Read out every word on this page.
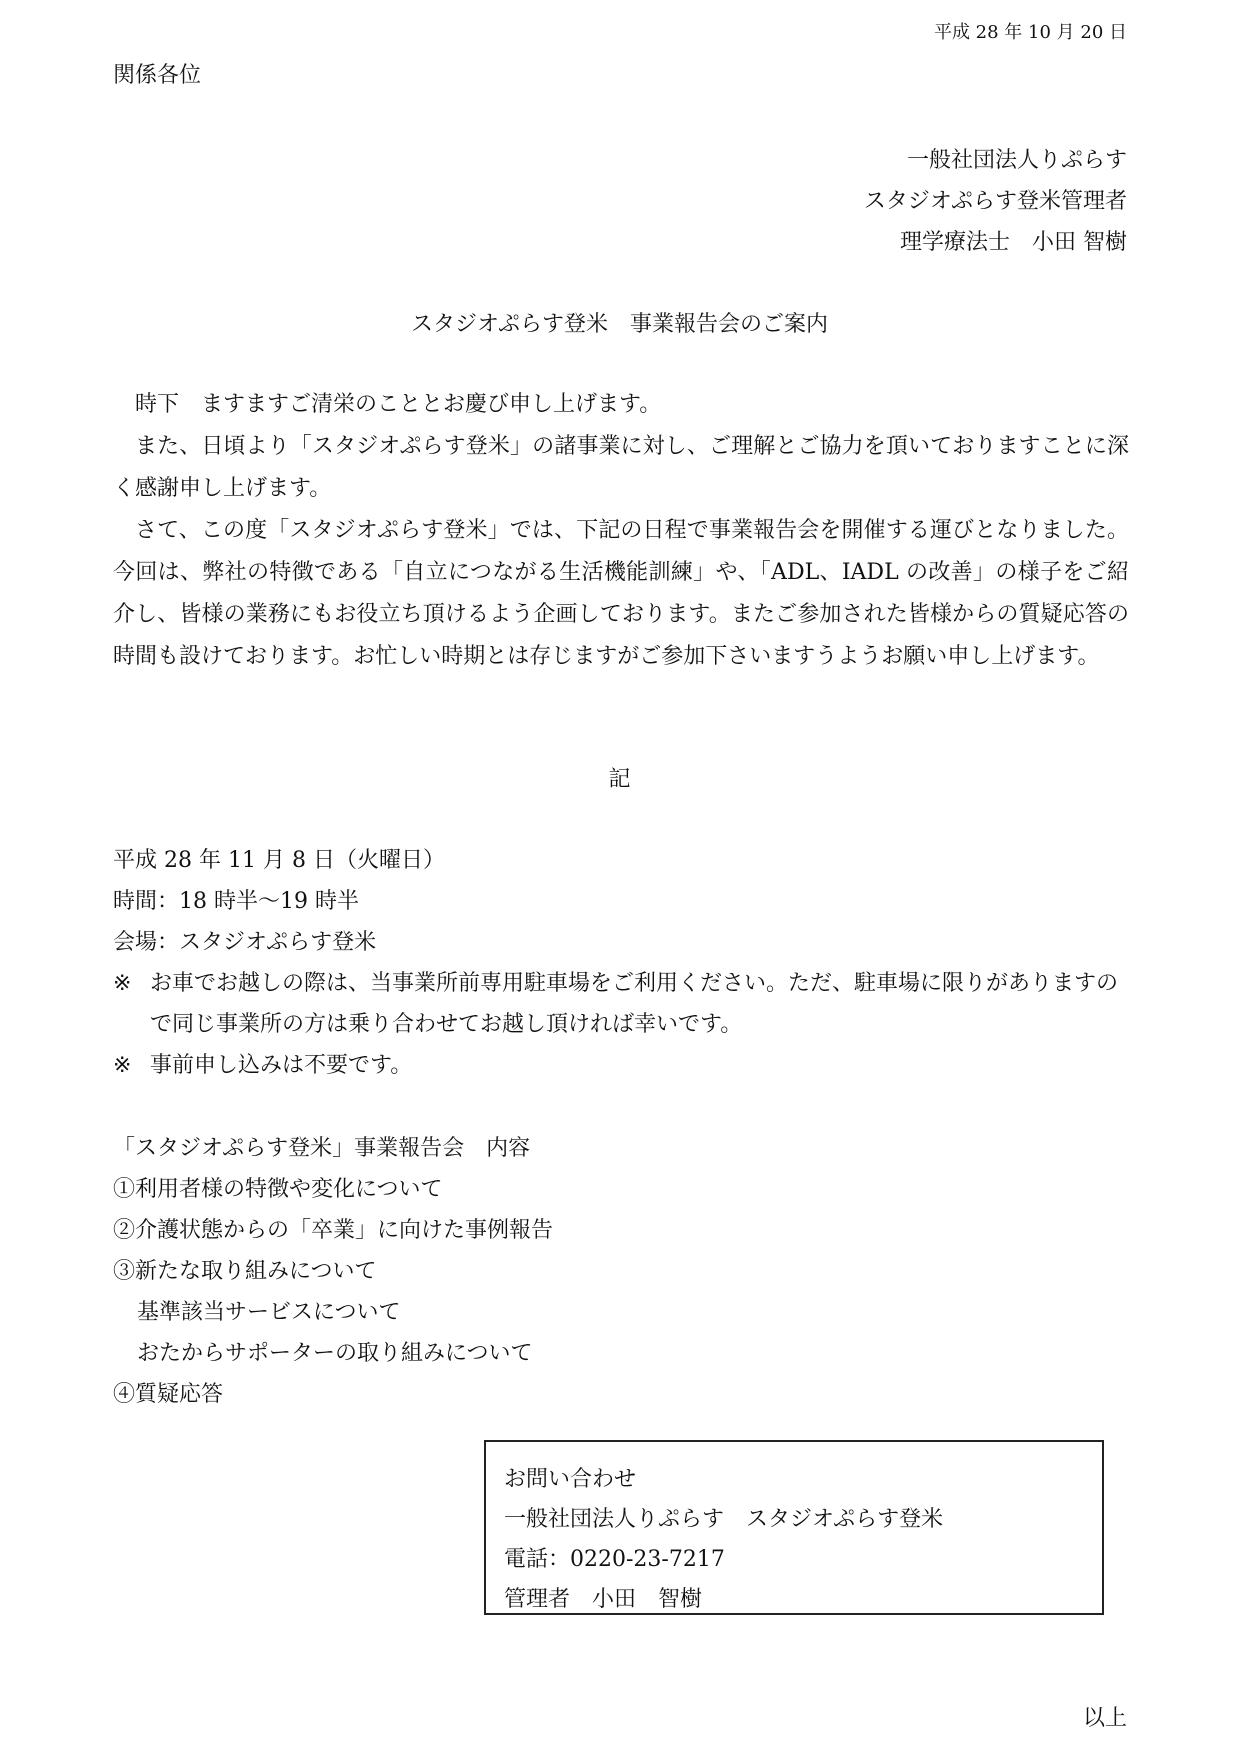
平成 28 年 10 月 20 日
関係各位
一般社団法人りぷらす
スタジオぷらす登米管理者
理学療法士　小田 智樹
スタジオぷらす登米　事業報告会のご案内

時下　ますますご清栄のこととお慶び申し上げます。

また、日頃より「スタジオぷらす登米」の諸事業に対し、ご理解とご協力を頂いておりますことに深く感謝申し上げます。

さて、この度「スタジオぷらす登米」では、下記の日程で事業報告会を開催する運びとなりました。今回は、弊社の特徴である「自立につながる生活機能訓練」や、「ADL、IADL の改善」の様子をご紹介し、皆様の業務にもお役立ち頂けるよう企画しております。またご参加された皆様からの質疑応答の時間も設けております。お忙しい時期とは存じますがご参加下さいますうようお願い申し上げます。

記
平成 28 年 11 月 8 日（火曜日）
時間：18 時半〜19 時半
会場：スタジオぷらす登米
※ お車でお越しの際は、当事業所前専用駐車場をご利用ください。ただ、駐車場に限りがありますので同じ事業所の方は乗り合わせてお越し頂ければ幸いです。
※ 事前申し込みは不要です。
「スタジオぷらす登米」事業報告会　内容
①利用者様の特徴や変化について
②介護状態からの「卒業」に向けた事例報告
③新たな取り組みについて
基準該当サービスについて
おたからサポーターの取り組みについて
④質疑応答
お問い合わせ
一般社団法人りぷらす　スタジオぷらす登米
電話：0220-23-7217
管理者　小田　智樹
以上
